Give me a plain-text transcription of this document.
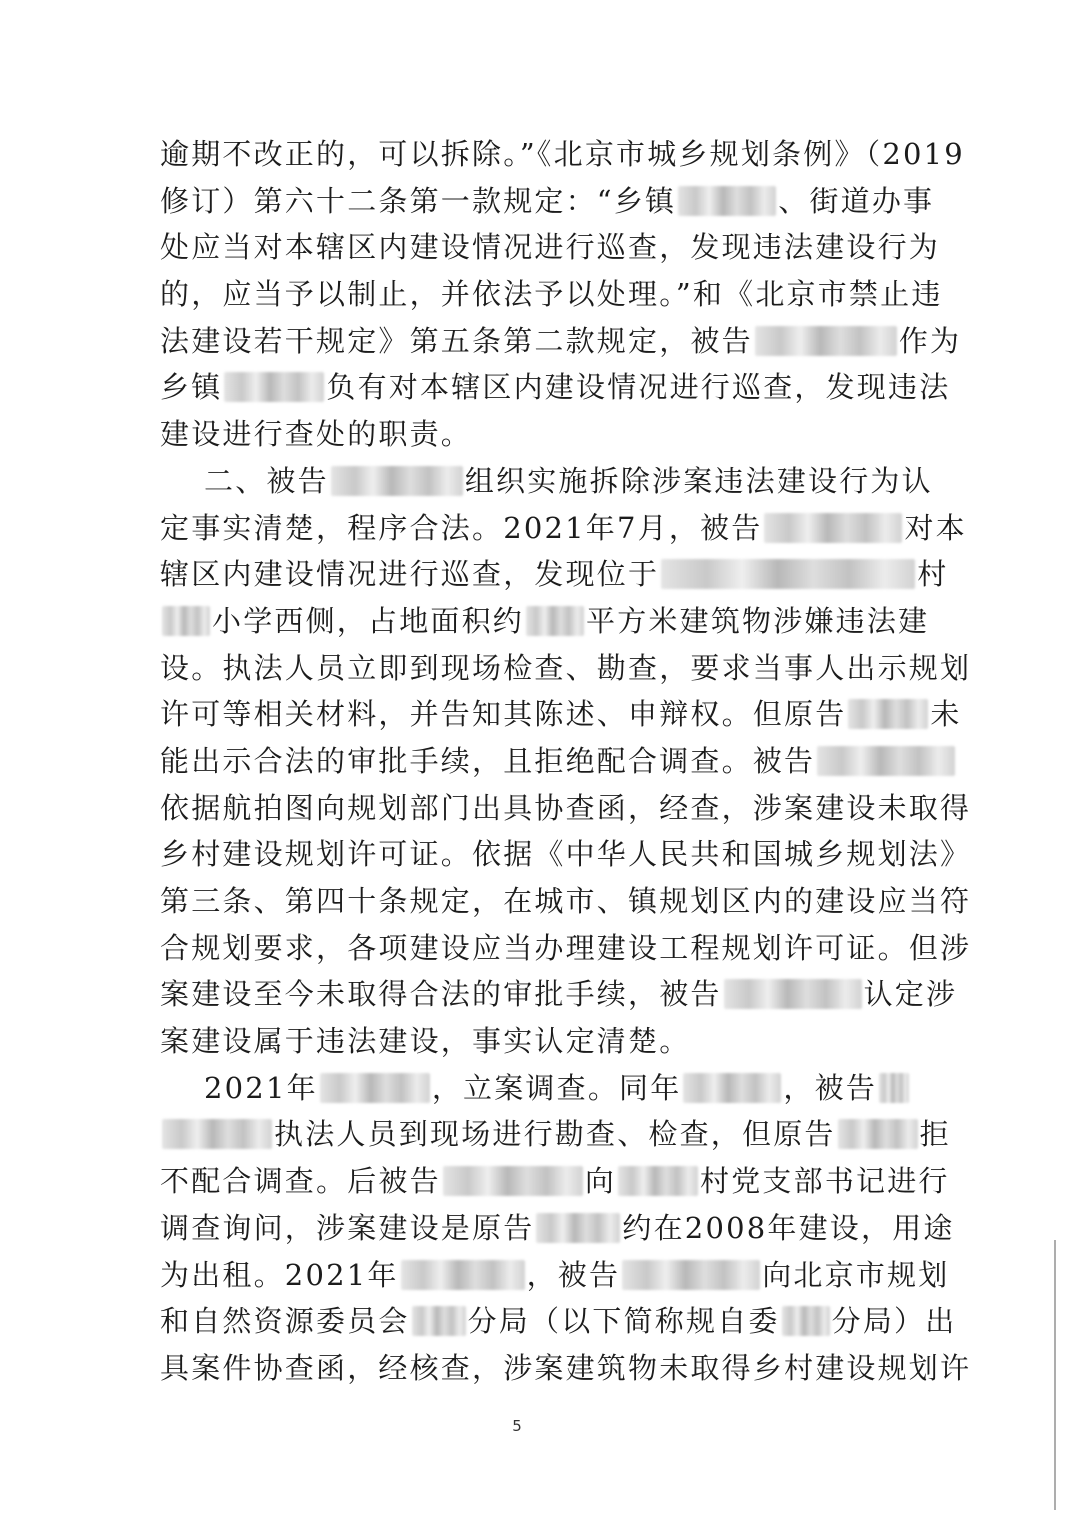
逾期不改正的，可以拆除。”《北京市城乡规划条例》（2019
修订）第六十二条第一款规定：“乡镇	、街道办事
处应当对本辖区内建设情况进行巡查，发现违法建设行为
的，应当予以制止，并依法予以处理。”和《北京市禁止违
法建设若干规定》第五条第二款规定，被告	作为
乡镇	负有对本辖区内建设情况进行巡查，发现违法
建设进行查处的职责。
二、被告	组织实施拆除涉案违法建设行为认
定事实清楚，程序合法。2021年7月，被告	对本
辖区内建设情况进行巡查，发现位于	村
小学西侧，占地面积约 平方米建筑物涉嫌违法建
设。执法人员立即到现场检查、勘查，要求当事人出示规划
许可等相关材料，并告知其陈述、申辩权。但原告	未
能出示合法的审批手续，且拒绝配合调查。被告
依据航拍图向规划部门出具协查函，经查，涉案建设未取得
乡村建设规划许可证。依据《中华人民共和国城乡规划法》
第三条、第四十条规定，在城市、镇规划区内的建设应当符
合规划要求，各项建设应当办理建设工程规划许可证。但涉
案建设至今未取得合法的审批手续，被告	认定涉
案建设属于违法建设，事实认定清楚。
2021年	，立案调查。同年	，被告
执法人员到现场进行勘查、检查，但原告	拒
不配合调查。后被告	向	村党支部书记进行
调查询问，涉案建设是原告	约在2008年建设，用途
为出租。2021年	，被告	向北京市规划
和自然资源委员会 分局（以下简称规自委 分局）出
具案件协查函，经核查，涉案建筑物未取得乡村建设规划许
5
